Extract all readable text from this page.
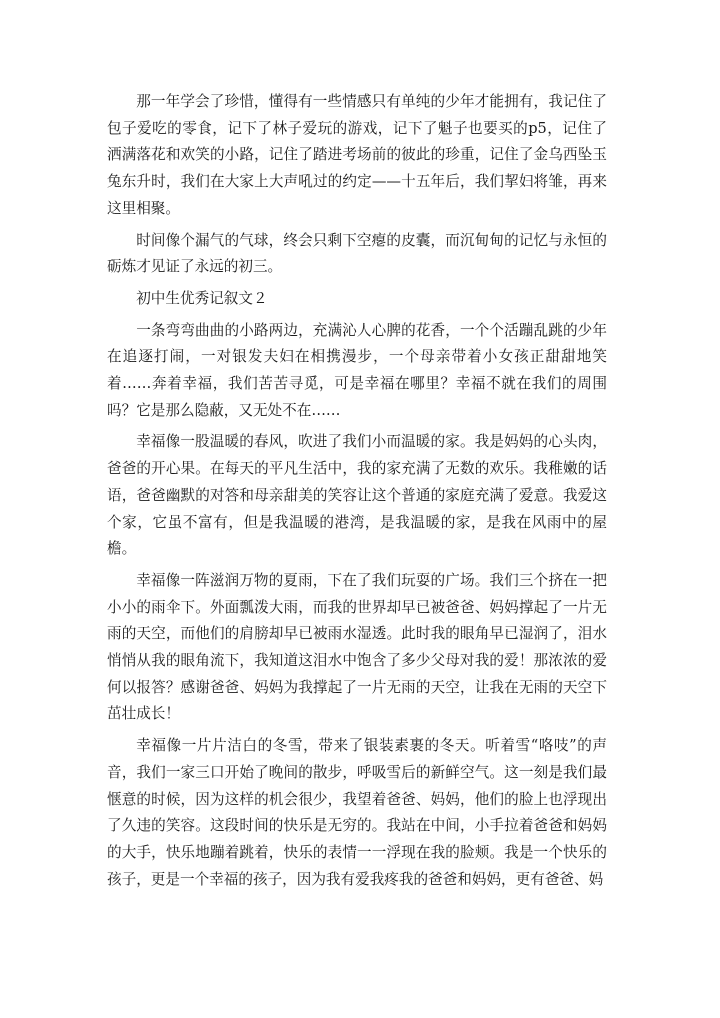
那一年学会了珍惜，懂得有一些情感只有单纯的少年才能拥有，我记住了包子爱吃的零食，记下了林子爱玩的游戏，记下了魁子也要买的p5，记住了洒满落花和欢笑的小路，记住了踏进考场前的彼此的珍重，记住了金乌西坠玉兔东升时，我们在大家上大声吼过的约定——十五年后，我们挈妇将雏，再来这里相聚。

时间像个漏气的气球，终会只剩下空瘪的皮囊，而沉甸甸的记忆与永恒的砺炼才见证了永远的初三。

初中生优秀记叙文２

一条弯弯曲曲的小路两边，充满沁人心脾的花香，一个个活蹦乱跳的少年在追逐打闹，一对银发夫妇在相携漫步，一个母亲带着小女孩正甜甜地笑着……奔着幸福，我们苦苦寻觅，可是幸福在哪里？幸福不就在我们的周围吗？它是那么隐蔽，又无处不在……

幸福像一股温暖的春风，吹进了我们小而温暖的家。我是妈妈的心头肉，爸爸的开心果。在每天的平凡生活中，我的家充满了无数的欢乐。我稚嫩的话语，爸爸幽默的对答和母亲甜美的笑容让这个普通的家庭充满了爱意。我爱这个家，它虽不富有，但是我温暖的港湾，是我温暖的家，是我在风雨中的屋檐。

幸福像一阵滋润万物的夏雨，下在了我们玩耍的广场。我们三个挤在一把小小的雨伞下。外面瓢泼大雨，而我的世界却早已被爸爸、妈妈撑起了一片无雨的天空，而他们的肩膀却早已被雨水湿透。此时我的眼角早已湿润了，泪水悄悄从我的眼角流下，我知道这泪水中饱含了多少父母对我的爱！那浓浓的爱何以报答？感谢爸爸、妈妈为我撑起了一片无雨的天空，让我在无雨的天空下茁壮成长！

幸福像一片片洁白的冬雪，带来了银装素裹的冬天。听着雪“咯吱”的声音，我们一家三口开始了晚间的散步，呼吸雪后的新鲜空气。这一刻是我们最惬意的时候，因为这样的机会很少，我望着爸爸、妈妈，他们的脸上也浮现出了久违的笑容。这段时间的快乐是无穷的。我站在中间，小手拉着爸爸和妈妈的大手，快乐地蹦着跳着，快乐的表情一一浮现在我的脸颊。我是一个快乐的孩子，更是一个幸福的孩子，因为我有爱我疼我的爸爸和妈妈，更有爸爸、妈
